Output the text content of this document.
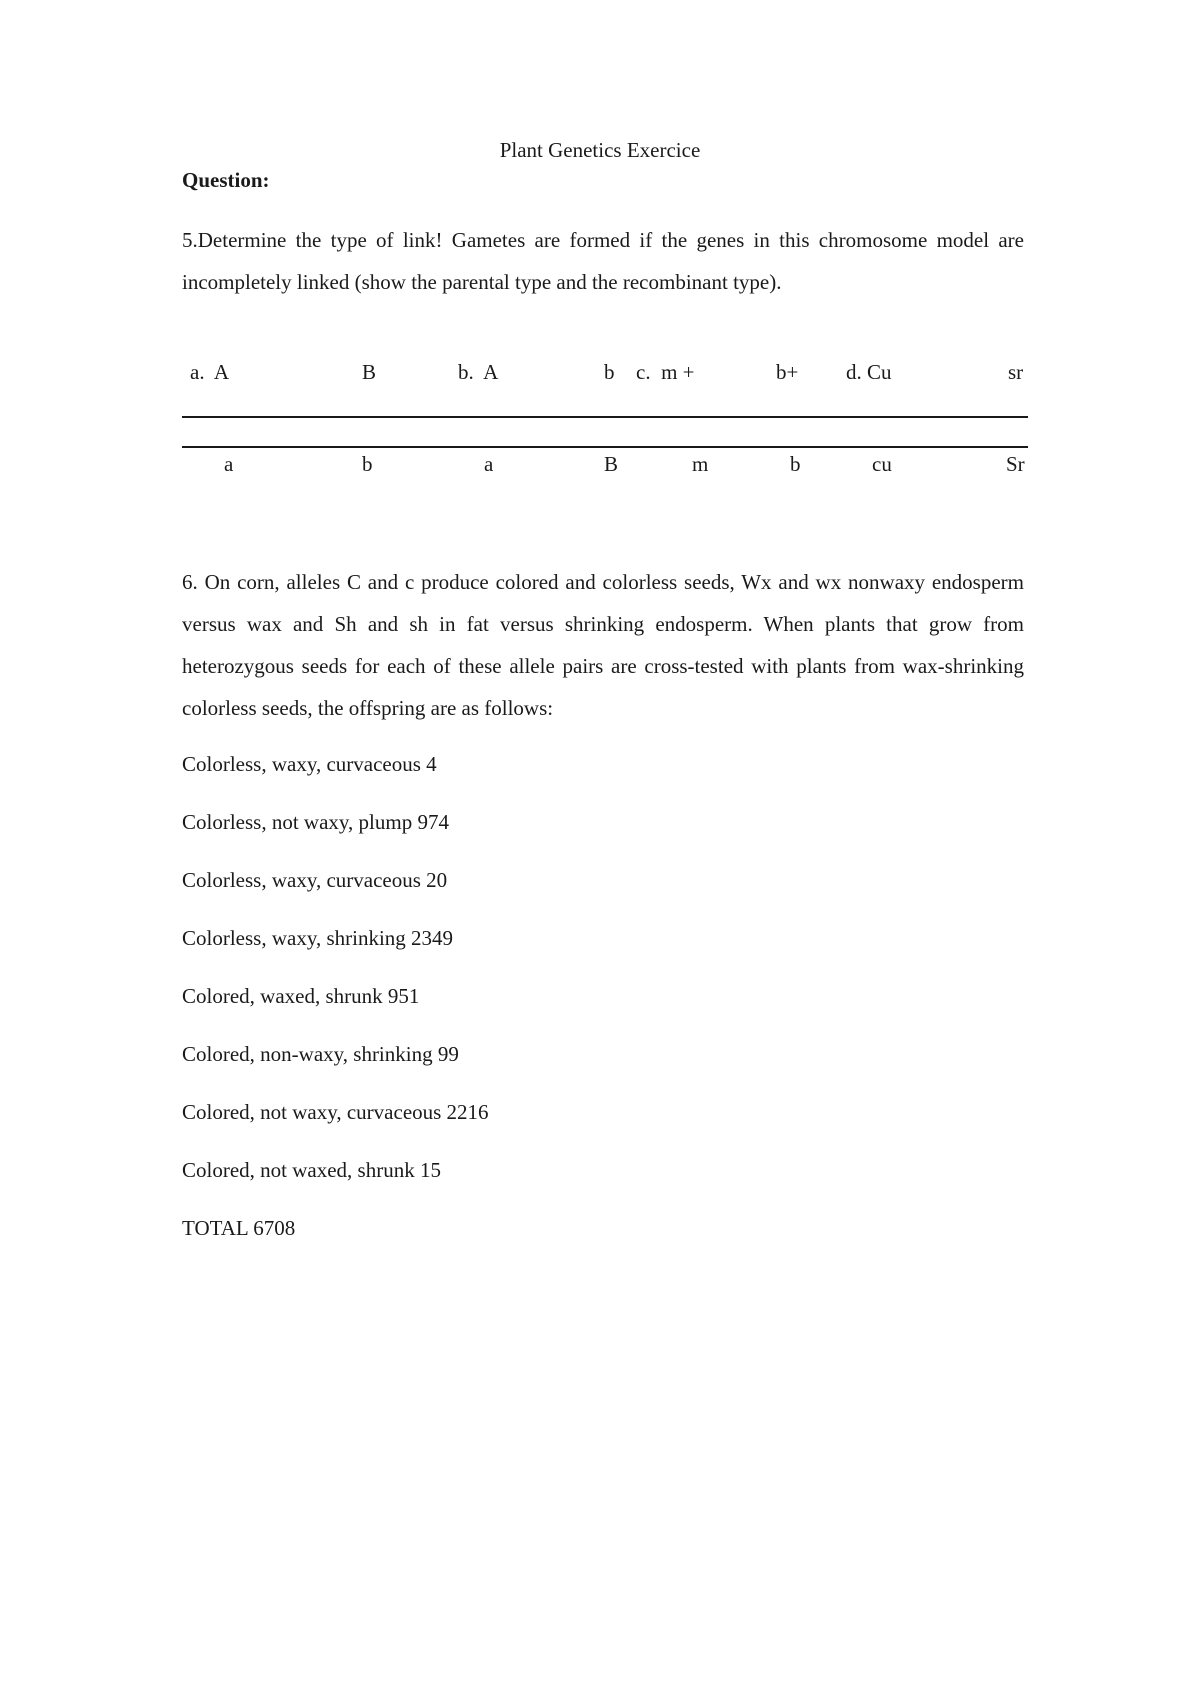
Plant Genetics Exercice
Question:
5.Determine the type of link! Gametes are formed if the genes in this chromosome model are incompletely linked (show the parental type and the recombinant type).
a.  A	B	b.  A	b c.  m +	b+ d. Cu	sr
a	b	a	B	m	b	cu	Sr
6. On corn, alleles C and c produce colored and colorless seeds, Wx and wx nonwaxy endosperm versus wax and Sh and sh in fat versus shrinking endosperm. When plants that grow from heterozygous seeds for each of these allele pairs are cross-tested with plants from wax-shrinking colorless seeds, the offspring are as follows:
Colorless, waxy, curvaceous 4
Colorless, not waxy, plump 974
Colorless, waxy, curvaceous 20
Colorless, waxy, shrinking 2349
Colored, waxed, shrunk 951
Colored, non-waxy, shrinking 99
Colored, not waxy, curvaceous 2216
Colored, not waxed, shrunk 15
TOTAL 6708
